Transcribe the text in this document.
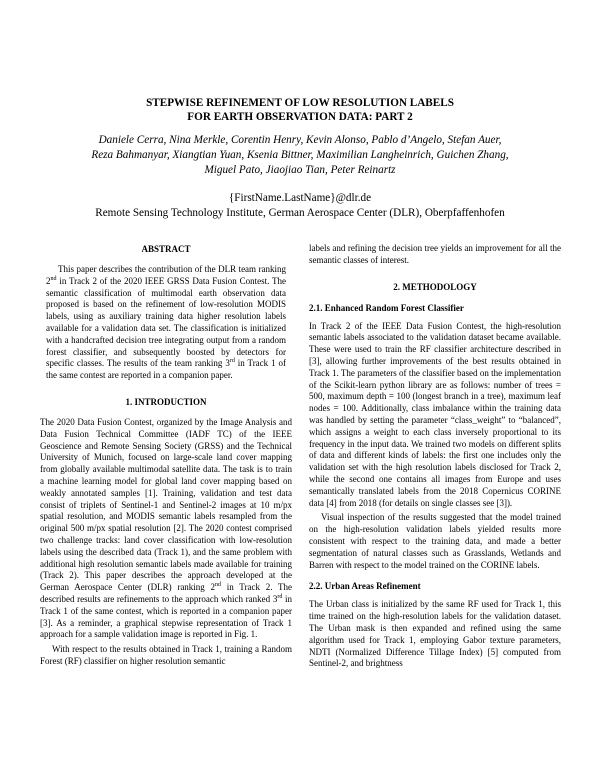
STEPWISE REFINEMENT OF LOW RESOLUTION LABELS
FOR EARTH OBSERVATION DATA: PART 2
Daniele Cerra, Nina Merkle, Corentin Henry, Kevin Alonso, Pablo d’Angelo, Stefan Auer,
Reza Bahmanyar, Xiangtian Yuan, Ksenia Bittner, Maximilian Langheinrich, Guichen Zhang,
Miguel Pato, Jiaojiao Tian, Peter Reinartz
{FirstName.LastName}@dlr.de
Remote Sensing Technology Institute, German Aerospace Center (DLR), Oberpfaffenhofen
ABSTRACT

This paper describes the contribution of the DLR team ranking 2nd in Track 2 of the 2020 IEEE GRSS Data Fusion Contest. The semantic classification of multimodal earth observation data proposed is based on the refinement of low-resolution MODIS labels, using as auxiliary training data higher resolution labels available for a validation data set. The classification is initialized with a handcrafted decision tree integrating output from a random forest classifier, and subsequently boosted by detectors for specific classes. The results of the team ranking 3rd in Track 1 of the same contest are reported in a companion paper.

1. INTRODUCTION

The 2020 Data Fusion Contest, organized by the Image Analysis and Data Fusion Technical Committee (IADF TC) of the IEEE Geoscience and Remote Sensing Society (GRSS) and the Technical University of Munich, focused on large-scale land cover mapping from globally available multimodal satellite data. The task is to train a machine learning model for global land cover mapping based on weakly annotated samples [1]. Training, validation and test data consist of triplets of Sentinel-1 and Sentinel-2 images at 10 m/px spatial resolution, and MODIS semantic labels resampled from the original 500 m/px spatial resolution [2]. The 2020 contest comprised two challenge tracks: land cover classification with low-resolution labels using the described data (Track 1), and the same problem with additional high resolution semantic labels made available for training (Track 2). This paper describes the approach developed at the German Aerospace Center (DLR) ranking 2nd in Track 2. The described results are refinements to the approach which ranked 3rd in Track 1 of the same contest, which is reported in a companion paper [3]. As a reminder, a graphical stepwise representation of Track 1 approach for a sample validation image is reported in Fig. 1.

With respect to the results obtained in Track 1, training a Random Forest (RF) classifier on higher resolution semantic

labels and refining the decision tree yields an improvement for all the semantic classes of interest.

2. METHODOLOGY
2.1. Enhanced Random Forest Classifier

In Track 2 of the IEEE Data Fusion Contest, the high-resolution semantic labels associated to the validation dataset became available. These were used to train the RF classifier architecture described in [3], allowing further improvements of the best results obtained in Track 1. The parameters of the classifier based on the implementation of the Scikit-learn python library are as follows: number of trees = 500, maximum depth = 100 (longest branch in a tree), maximum leaf nodes = 100. Additionally, class imbalance within the training data was handled by setting the parameter “class_weight” to “balanced”, which assigns a weight to each class inversely proportional to its frequency in the input data. We trained two models on different splits of data and different kinds of labels: the first one includes only the validation set with the high resolution labels disclosed for Track 2, while the second one contains all images from Europe and uses semantically translated labels from the 2018 Copernicus CORINE data [4] from 2018 (for details on single classes see [3]).

Visual inspection of the results suggested that the model trained on the high-resolution validation labels yielded results more consistent with respect to the training data, and made a better segmentation of natural classes such as Grasslands, Wetlands and Barren with respect to the model trained on the CORINE labels.

2.2. Urban Areas Refinement

The Urban class is initialized by the same RF used for Track 1, this time trained on the high-resolution labels for the validation dataset. The Urban mask is then expanded and refined using the same algorithm used for Track 1, employing Gabor texture parameters, NDTI (Normalized Difference Tillage Index) [5] computed from Sentinel-2, and brightness
